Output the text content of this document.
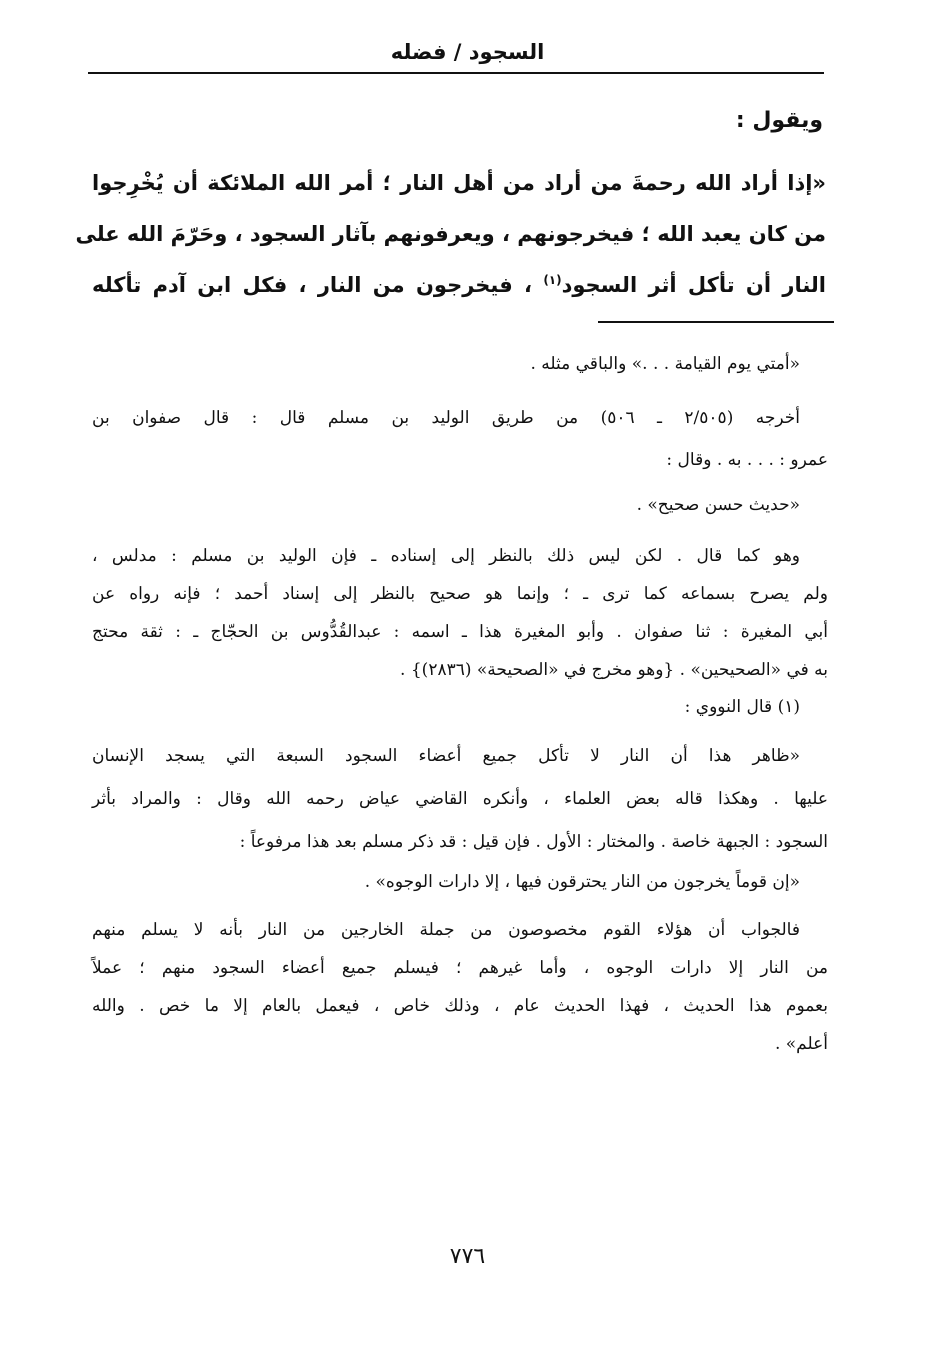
السجود / فضله
ويقول :
«إذا أراد الله رحمةَ من أراد من أهل النار ؛ أمر الله الملائكة أن يُخْرِجوا
من كان يعبد الله ؛ فيخرجونهم ، ويعرفونهم بآثار السجود ، وحَرّمَ الله على
النار أن تأكل أثر السجود$^{(١)}$ ، فيخرجون من النار ، فكل ابن آدم تأكله

«أمتي يوم القيامة . . .» والباقي مثله .

أخرجه (٢/٥٠٥ ـ ٥٠٦) من طريق الوليد بن مسلم قال : قال صفوان بن
عمرو : . . . به . وقال :

«حديث حسن صحيح» .

وهو كما قال . لكن ليس ذلك بالنظر إلى إسناده ـ فإن الوليد بن مسلم : مدلس ،
ولم يصرح بسماعه كما ترى ـ ؛ وإنما هو صحيح بالنظر إلى إسناد أحمد ؛ فإنه رواه عن
أبي المغيرة : ثنا صفوان . وأبو المغيرة هذا ـ اسمه : عبدالقُدُّوس بن الحجّاج ـ : ثقة محتج
به في «الصحيحين» . {وهو مخرج في «الصحيحة» (٢٨٣٦)} .

(١) قال النووي :

«ظاهر هذا أن النار لا تأكل جميع أعضاء السجود السبعة التي يسجد الإنسان
عليها . وهكذا قاله بعض العلماء ، وأنكره القاضي عياض رحمه الله وقال : والمراد بأثر
السجود : الجبهة خاصة . والمختار : الأول . فإن قيل : قد ذكر مسلم بعد هذا مرفوعاً :

«إن قوماً يخرجون من النار يحترقون فيها ، إلا دارات الوجوه» .

فالجواب أن هؤلاء القوم مخصوصون من جملة الخارجين من النار بأنه لا يسلم منهم
من النار إلا دارات الوجوه ، وأما غيرهم ؛ فيسلم جميع أعضاء السجود منهم ؛ عملاً
بعموم هذا الحديث ، فهذا الحديث عام ، وذلك خاص ، فيعمل بالعام إلا ما خص . والله
أعلم» .

٧٧٦
